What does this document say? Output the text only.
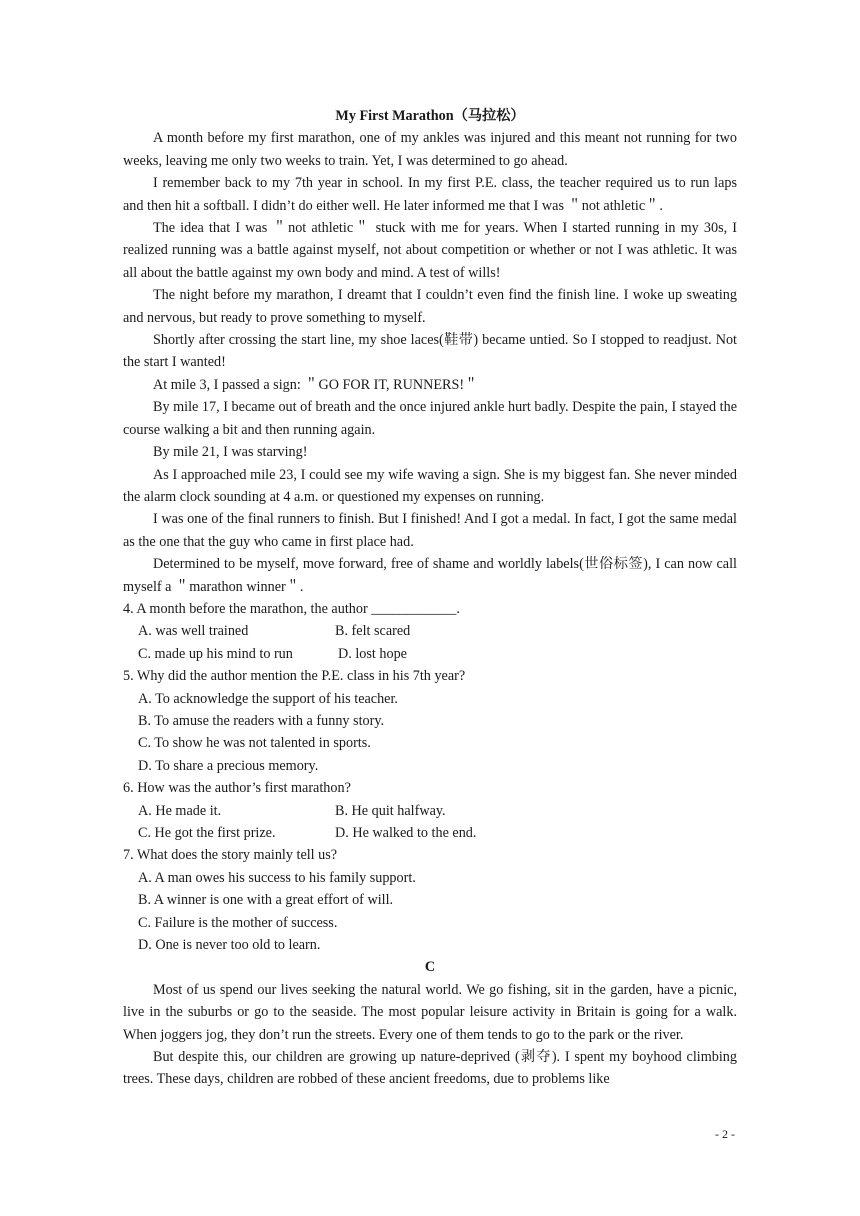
My First Marathon（马拉松）

A month before my first marathon, one of my ankles was injured and this meant not running for two weeks, leaving me only two weeks to train. Yet, I was determined to go ahead.

I remember back to my 7th year in school. In my first P.E. class, the teacher required us to run laps and then hit a softball. I didn’t do either well. He later informed me that I was ＂not athletic＂.

The idea that I was ＂not athletic＂ stuck with me for years. When I started running in my 30s, I realized running was a battle against myself, not about competition or whether or not I was athletic. It was all about the battle against my own body and mind. A test of wills!

The night before my marathon, I dreamt that I couldn’t even find the finish line. I woke up sweating and nervous, but ready to prove something to myself.

Shortly after crossing the start line, my shoe laces(鞋带) became untied. So I stopped to readjust. Not the start I wanted!

At mile 3, I passed a sign: ＂GO FOR IT, RUNNERS!＂

By mile 17, I became out of breath and the once injured ankle hurt badly. Despite the pain, I stayed the course walking a bit and then running again.

By mile 21, I was starving!

As I approached mile 23, I could see my wife waving a sign. She is my biggest fan. She never minded the alarm clock sounding at 4 a.m. or questioned my expenses on running.

I was one of the final runners to finish. But I finished! And I got a medal. In fact, I got the same medal as the one that the guy who came in first place had.

Determined to be myself, move forward, free of shame and worldly labels(世俗标签), I can now call myself a ＂marathon winner＂.

4. A month before the marathon, the author ____________.

A. was well trained	B. felt scared
C. made up his mind to run	D. lost hope

5. Why did the author mention the P.E. class in his 7th year?

A. To acknowledge the support of his teacher.

B. To amuse the readers with a funny story.

C. To show he was not talented in sports.

D. To share a precious memory.

6. How was the author’s first marathon?

A. He made it.	B. He quit halfway.
C. He got the first prize.	D. He walked to the end.

7. What does the story mainly tell us?

A. A man owes his success to his family support.

B. A winner is one with a great effort of will.

C. Failure is the mother of success.

D. One is never too old to learn.

C

Most of us spend our lives seeking the natural world. We go fishing, sit in the garden, have a picnic, live in the suburbs or go to the seaside. The most popular leisure activity in Britain is going for a walk. When joggers jog, they don’t run the streets. Every one of them tends to go to the park or the river.

But despite this, our children are growing up nature-deprived (剥夺). I spent my boyhood climbing trees. These days, children are robbed of these ancient freedoms, due to problems like

- 2 -
